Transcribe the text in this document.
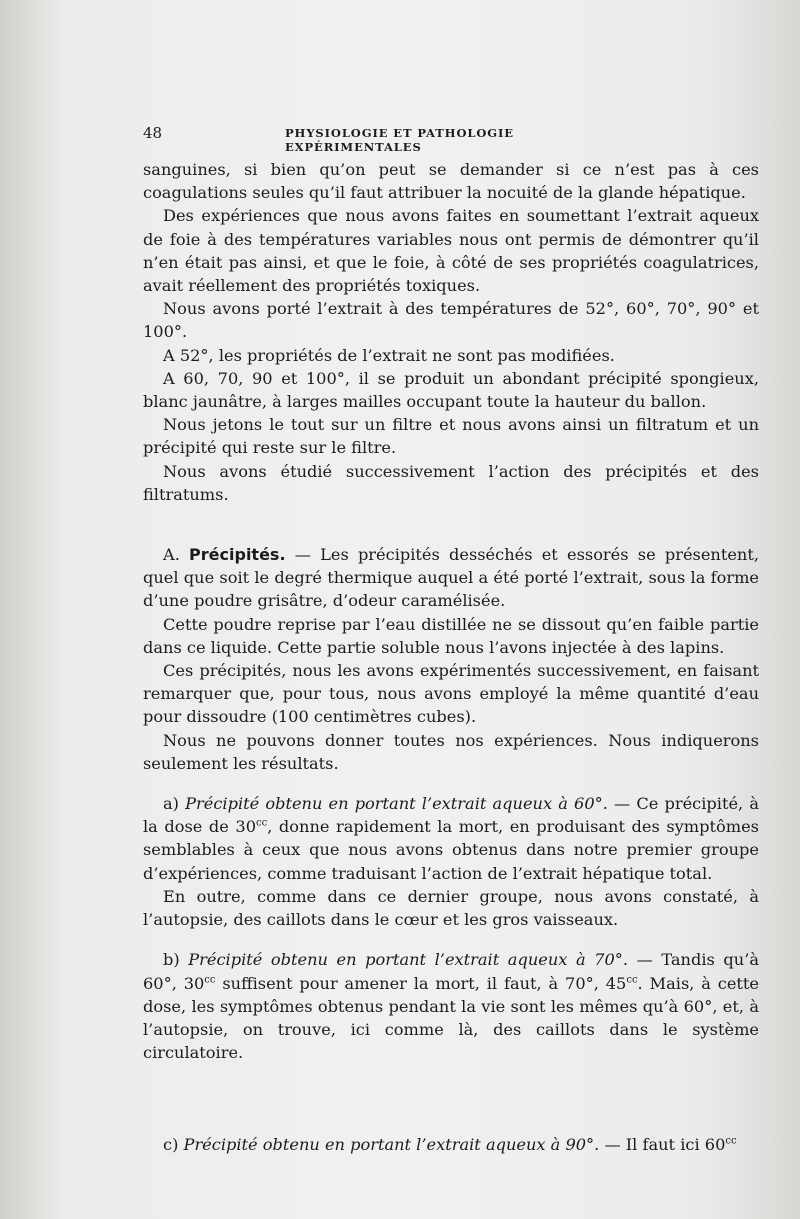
48	PHYSIOLOGIE ET PATHOLOGIE EXPÉRIMENTALES

sanguines, si bien qu’on peut se demander si ce n’est pas à ces coagulations seules qu’il faut attribuer la nocuité de la glande hépatique.

Des expériences que nous avons faites en soumettant l’extrait aqueux de foie à des températures variables nous ont permis de démontrer qu’il n’en était pas ainsi, et que le foie, à côté de ses propriétés coagulatrices, avait réellement des propriétés toxiques.

Nous avons porté l’extrait à des températures de 52°, 60°, 70°, 90° et 100°.

A 52°, les propriétés de l’extrait ne sont pas modifiées.

A 60, 70, 90 et 100°, il se produit un abondant précipité spongieux, blanc jaunâtre, à larges mailles occupant toute la hauteur du ballon.

Nous jetons le tout sur un filtre et nous avons ainsi un filtratum et un précipité qui reste sur le filtre.

Nous avons étudié successivement l’action des précipités et des filtratums.

A. Précipités. — Les précipités desséchés et essorés se présentent, quel que soit le degré thermique auquel a été porté l’extrait, sous la forme d’une poudre grisâtre, d’odeur caramélisée.

Cette poudre reprise par l’eau distillée ne se dissout qu’en faible partie dans ce liquide. Cette partie soluble nous l’avons injectée à des lapins.

Ces précipités, nous les avons expérimentés successivement, en faisant remarquer que, pour tous, nous avons employé la même quantité d’eau pour dissoudre (100 centimètres cubes).

Nous ne pouvons donner toutes nos expériences. Nous indiquerons seulement les résultats.

a) Précipité obtenu en portant l’extrait aqueux à 60°. — Ce précipité, à la dose de $30^{cc}$, donne rapidement la mort, en produisant des symptômes semblables à ceux que nous avons obtenus dans notre premier groupe d’expériences, comme traduisant l’action de l’extrait hépatique total.

En outre, comme dans ce dernier groupe, nous avons constaté, à l’autopsie, des caillots dans le cœur et les gros vaisseaux.

b) Précipité obtenu en portant l’extrait aqueux à 70°. — Tandis qu’à 60°, $30^{cc}$ suffisent pour amener la mort, il faut, à 70°, $45^{cc}$. Mais, à cette dose, les symptômes obtenus pendant la vie sont les mêmes qu’à 60°, et, à l’autopsie, on trouve, ici comme là, des caillots dans le système circulatoire.

c) Précipité obtenu en portant l’extrait aqueux à 90°. — Il faut ici $60^{cc}$
